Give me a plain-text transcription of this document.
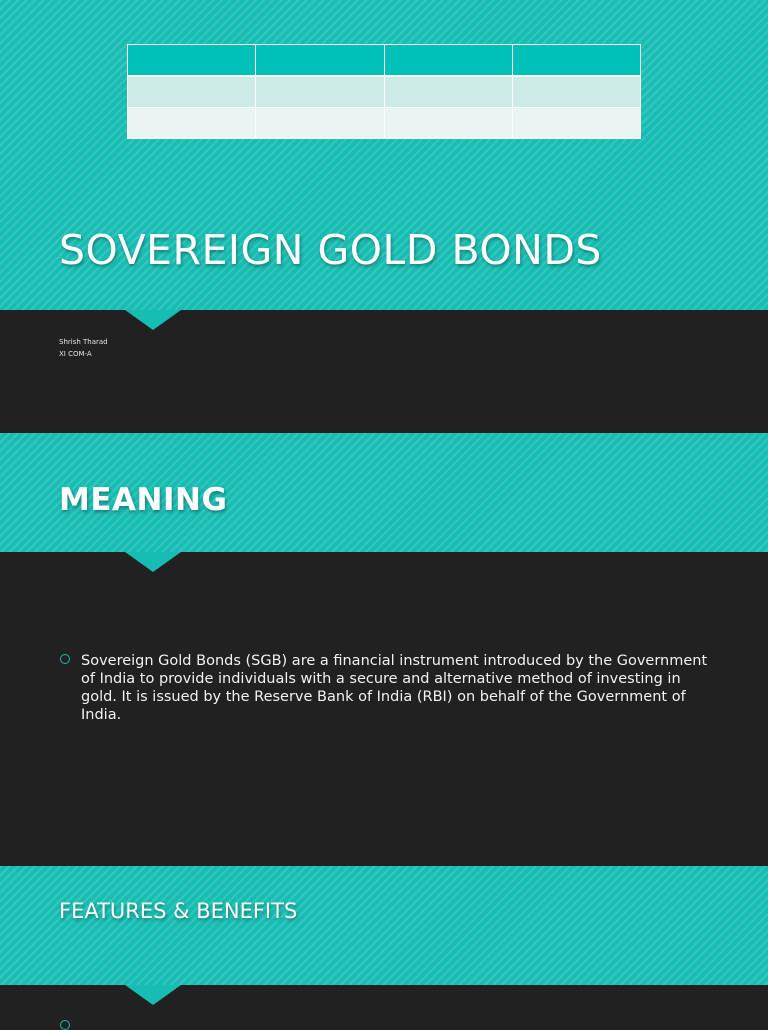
SOVEREIGN GOLD BONDS
Shrish Tharad
XI COM-A
MEANING
Sovereign Gold Bonds (SGB) are a financial instrument introduced by the Government of India to provide individuals with a secure and alternative method of investing in gold. It is issued by the Reserve Bank of India (RBI) on behalf of the Government of India.
FEATURES & BENEFITS
